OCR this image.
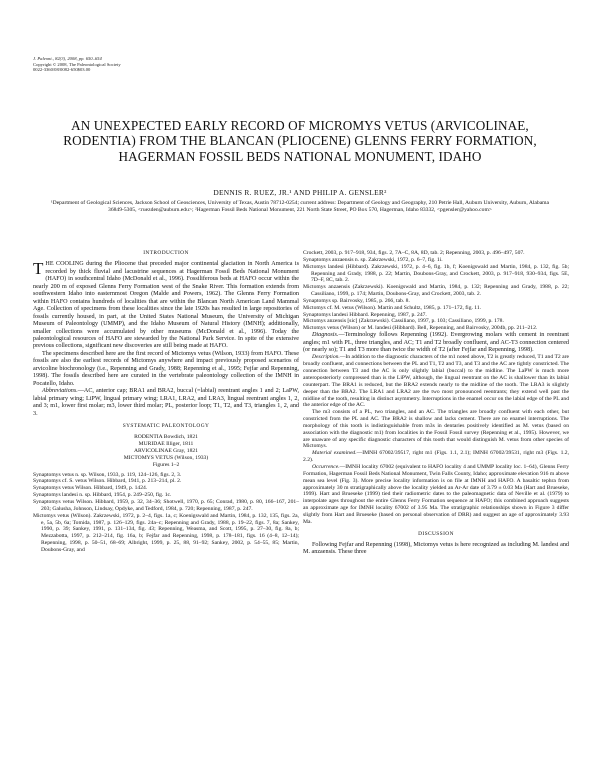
J. Paleont., 82(3), 2008, pp. 650–654
Copyright © 2008, The Paleontological Society
0022-3360/08/0082-650$03.00
AN UNEXPECTED EARLY RECORD OF MICROMYS VETUS (ARVICOLINAE, RODENTIA) FROM THE BLANCAN (PLIOCENE) GLENNS FERRY FORMATION, HAGERMAN FOSSIL BEDS NATIONAL MONUMENT, IDAHO
DENNIS R. RUEZ, JR.¹ AND PHILIP A. GENSLER²
¹Department of Geological Sciences, Jackson School of Geosciences, University of Texas, Austin 78712-0254; current address: Department of Geology and Geography, 210 Petrie Hall, Auburn University, Auburn, Alabama 36849-5305, <ruezden@auburn.edu>; ²Hagerman Fossil Beds National Monument, 221 North State Street, PO Box 570, Hagerman, Idaho 83332, <pgensler@yahoo.com>
INTRODUCTION

THE COOLING during the Pliocene that preceded major continental glaciation in North America is recorded by thick fluvial and lacustrine sequences at Hagerman Fossil Beds National Monument (HAFO) in southcentral Idaho (McDonald et al., 1996). Fossiliferous beds at HAFO occur within the nearly 200 m of exposed Glenns Ferry Formation west of the Snake River. This formation extends from southwestern Idaho into easternmost Oregon (Malde and Powers, 1962). The Glenns Ferry Formation within HAFO contains hundreds of localities that are within the Blancan North American Land Mammal Age. Collection of specimens from these localities since the late 1920s has resulted in large repositories of fossils currently housed, in part, at the United States National Museum, the University of Michigan Museum of Paleontology (UMMP), and the Idaho Museum of Natural History (IMNH); additionally, smaller collections were accumulated by other museums (McDonald et al., 1996). Today the paleontological resources of HAFO are stewarded by the National Park Service. In spite of the extensive previous collections, significant new discoveries are still being made at HAFO.

The specimens described here are the first record of Mictomys vetus (Wilson, 1933) from HAFO. These fossils are also the earliest records of Mictomys anywhere and impact previously proposed scenarios of arvicoline biochronology (i.e., Repenning and Grady, 1988; Repenning et al., 1995; Fejfar and Repenning, 1998). The fossils described here are curated in the vertebrate paleontology collection of the IMNH in Pocatello, Idaho.

Abbreviations.—AC, anterior cap; BRA1 and BRA2, buccal (=labial) reentrant angles 1 and 2; LaPW, labial primary wing; LiPW, lingual primary wing; LRA1, LRA2, and LRA3, lingual reentrant angles 1, 2, and 3; m1, lower first molar; m3, lower third molar; PL, posterior loop; T1, T2, and T3, triangles 1, 2, and 3.

SYSTEMATIC PALEONTOLOGY
RODENTIA Bowdich, 1821
MURIDAE Illiger, 1811
ARVICOLINAE Gray, 1821
MICTOMYS VETUS (Wilson, 1933)
Figures 1–2

Synaptomys vetus n. sp. Wilson, 1933, p. 119, 124–126, figs. 2, 3.

Synaptomys cf. S. vetus Wilson. Hibbard, 1941, p. 213–214, pl. 2.

Synaptomys vetus Wilson. Hibbard, 1949, p. 1424.

Synaptomys landesi n. sp. Hibbard, 1954, p. 249–250, fig. 1c.

Synaptomys vetus Wilson. Hibbard, 1959, p. 32, 34–36; Shotwell, 1970, p. 65; Conrad, 1980, p. 80, 166–167, 201–203; Galusha, Johnson, Lindsay, Opdyke, and Tedford, 1984, p. 720; Repenning, 1987, p. 247.

Mictomys vetus (Wilson). Zakrzewski, 1972, p. 2–4, figs. 1a, c; Koenigswald and Martin, 1984, p. 132, 135, figs. 2a, e, 5a, 5b, 6a; Tomida, 1987, p. 126–129, figs. 24a–c; Repenning and Grady, 1988, p. 19–22, figs. 7, 8a; Sankey, 1990, p. 39; Sankey, 1991, p. 131–134, fig. 43; Repenning, Weasma, and Scott, 1995, p. 27–30, fig. 8a, b; Mezzabotta, 1997, p. 212–214, fig. 16a, b; Fejfar and Repenning, 1998, p. 178–181, figs. 16 (4–8, 12–14); Repenning, 1998, p. 50–51, 68–69; Albright, 1999, p. 25, 88, 91–92; Sankey, 2002, p. 54–55, 85; Martin, Doubons-Gray, and

Crockett, 2003, p. 917–918, 934, figs. 2, 7A–C, 8A, 8D, tab. 2; Repenning, 2003, p. 496–497, 507.

Synaptomys anzaensis n. sp. Zakrzewski, 1972, p. 6–7, fig. 1i.

Mictomys landesi (Hibbard). Zakrzewski, 1972, p. 4–6, fig. 1b, f; Koenigswald and Martin, 1984, p. 132, fig. 5b; Repenning and Grady, 1988, p. 22; Martin, Doubons-Gray, and Crockett, 2003, p. 917–918, 930–934, figs. 5E, 7D–F, 8C, tab. 2.

Mictomys anzaensis (Zakrzewski). Koenigswald and Martin, 1984, p. 132; Repenning and Grady, 1988, p. 22; Cassiliano, 1999, p. 174; Martin, Doubons-Gray, and Crockett, 2003, tab. 2.

Synaptomys sp. Bairvosky, 1985, p. 266, tab. 8.

Mictomys cf. M. vetus (Wilson). Martin and Schultz, 1985, p. 171–172, fig. 11.

Synaptomys landesi Hibbard. Repenning, 1987, p. 247.

Mictomys anzensis [sic] (Zakrzewski). Cassiliano, 1997, p. 103; Cassiliano, 1999, p. 178.

Mictomys vetus (Wilson) or M. landesi (Hibbard). Bell, Repenning, and Bairvosky, 2004b, pp. 211–212.

Diagnosis.—Terminology follows Repenning (1992). Evergrowing molars with cement in reentrant angles; m1 with PL, three triangles, and AC; T1 and T2 broadly confluent, and AC-T3 connection centered (or nearly so); T1 and T3 more than twice the width of T2 (after Fejfar and Repenning, 1998).

Description.—In addition to the diagnostic characters of the m1 noted above, T2 is greatly reduced, T1 and T2 are broadly confluent, and connections between the PL and T1, T2 and T3, and T3 and the AC are tightly constricted. The connection between T3 and the AC is only slightly labial (buccal) to the midline. The LaPW is much more anteroposteriorly compressed than is the LiPW, although, the lingual reentrant on the AC is shallower than its labial counterpart. The BRA1 is reduced, but the BRA2 extends nearly to the midline of the tooth. The LRA3 is slightly deeper than the BRA2. The LRA1 and LRA2 are the two most pronounced reentrants; they extend well past the midline of the tooth, resulting in distinct asymmetry. Interruptions in the enamel occur on the labial edge of the PL and the anterior edge of the AC.

The m3 consists of a PL, two triangles, and an AC. The triangles are broadly confluent with each other, but constricted from the PL and AC. The BRA2 is shallow and lacks cement. There are no enamel interruptions. The morphology of this tooth is indistinguishable from m3s in dentaries positively identified as M. vetus (based on association with the diagnostic m1) from localities in the Fossil Fossil survey (Repenning et al., 1995). However, we are unaware of any specific diagnostic characters of this tooth that would distinguish M. vetus from other species of Mictomys.

Material examined.—IMNH 67002/39517, right m1 (Figs. 1.1, 2.1); IMNH 67002/39531, right m3 (Figs. 1.2, 2.2).

Occurrence.—IMNH locality 67002 (equivalent to HAFO locality 4 and UMMP locality loc. 1–64), Glenns Ferry Formation, Hagerman Fossil Beds National Monument, Twin Falls County, Idaho; approximate elevation 916 m above mean sea level (Fig. 3). More precise locality information is on file at IMNH and HAFO. A basaltic tephra from approximately 30 m stratigraphically above the locality yielded an Ar-Ar date of 3.79 ± 0.03 Ma (Hart and Brueseke, 1999). Hart and Brueseke (1999) tied their radiometric dates to the paleomagnetic data of Neville et al. (1979) to interpolate ages throughout the entire Glenns Ferry Formation sequence at HAFO; this combined approach suggests an approximate age for IMNH locality 67002 of 3.95 Ma. The stratigraphic relationships shown in Figure 3 differ slightly from Hart and Brueseke (based on personal observation of DRR) and suggest an age of approximately 3.93 Ma.

DISCUSSION

Following Fejfar and Repenning (1998), Mictomys vetus is here recognized as including M. landesi and M. anzaensis. These three
